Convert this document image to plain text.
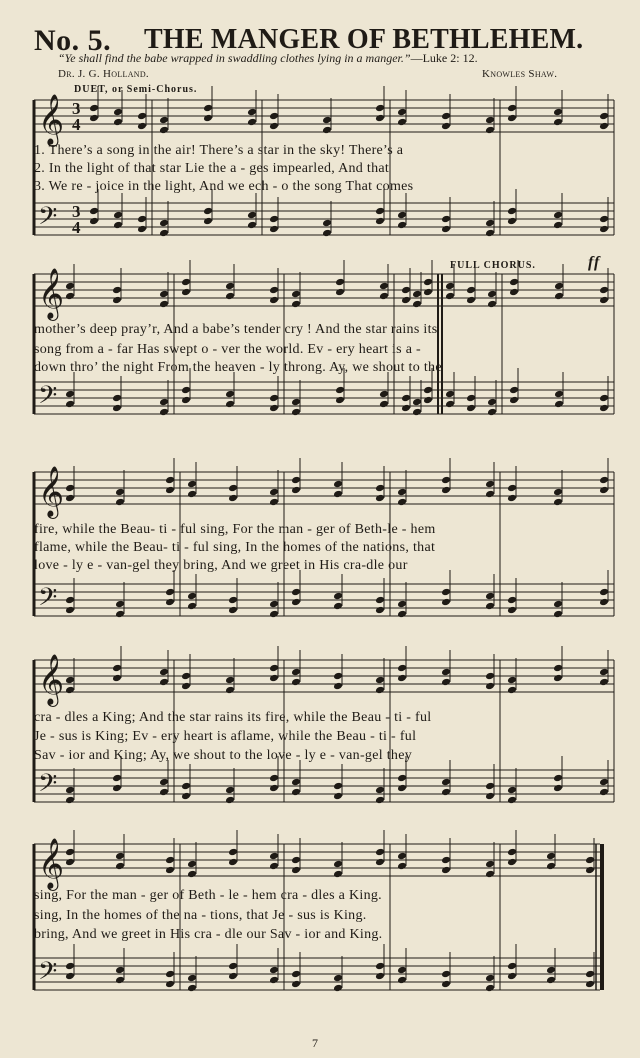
No. 5. THE MANGER OF BETHLEHEM.
“Ye shall find the babe wrapped in swaddling clothes lying in a manger.”—Luke 2: 12.
Dr. J. G. Holland.	Knowles Shaw.
DUET, or Semi-Chorus.
𝄞 3
4
𝄢 3
4
1. There’s a song in the air! There’s a star in the sky! There’s a
2. In the light of that star Lie the a - ges impearled, And that
3. We re - joice in the light, And we ech - o the song That comes
FULL CHORUS.	ff
𝄞
𝄢
mother’s deep pray’r, And a babe’s tender cry ! And the star rains its
song from a - far Has swept o - ver the world. Ev - ery heart is a -
down thro’ the night From the heaven - ly throng. Ay, we shout to the
𝄞
𝄢
fire, while the Beau- ti - ful sing, For the man - ger of Beth-le - hem
flame, while the Beau- ti - ful sing, In the homes of the nations, that
love - ly e - van-gel they bring, And we greet in His cra-dle our
𝄞
𝄢
cra - dles a King; And the star rains its fire, while the Beau - ti - ful
Je - sus is King; Ev - ery heart is aflame, while the Beau - ti - ful
Sav - ior and King; Ay, we shout to the love - ly e - van-gel they
𝄞
𝄢
sing, For the man - ger of Beth - le - hem cra - dles a King.
sing, In the homes of the na - tions, that Je - sus is King.
bring, And we greet in His cra - dle our Sav - ior and King.
7
